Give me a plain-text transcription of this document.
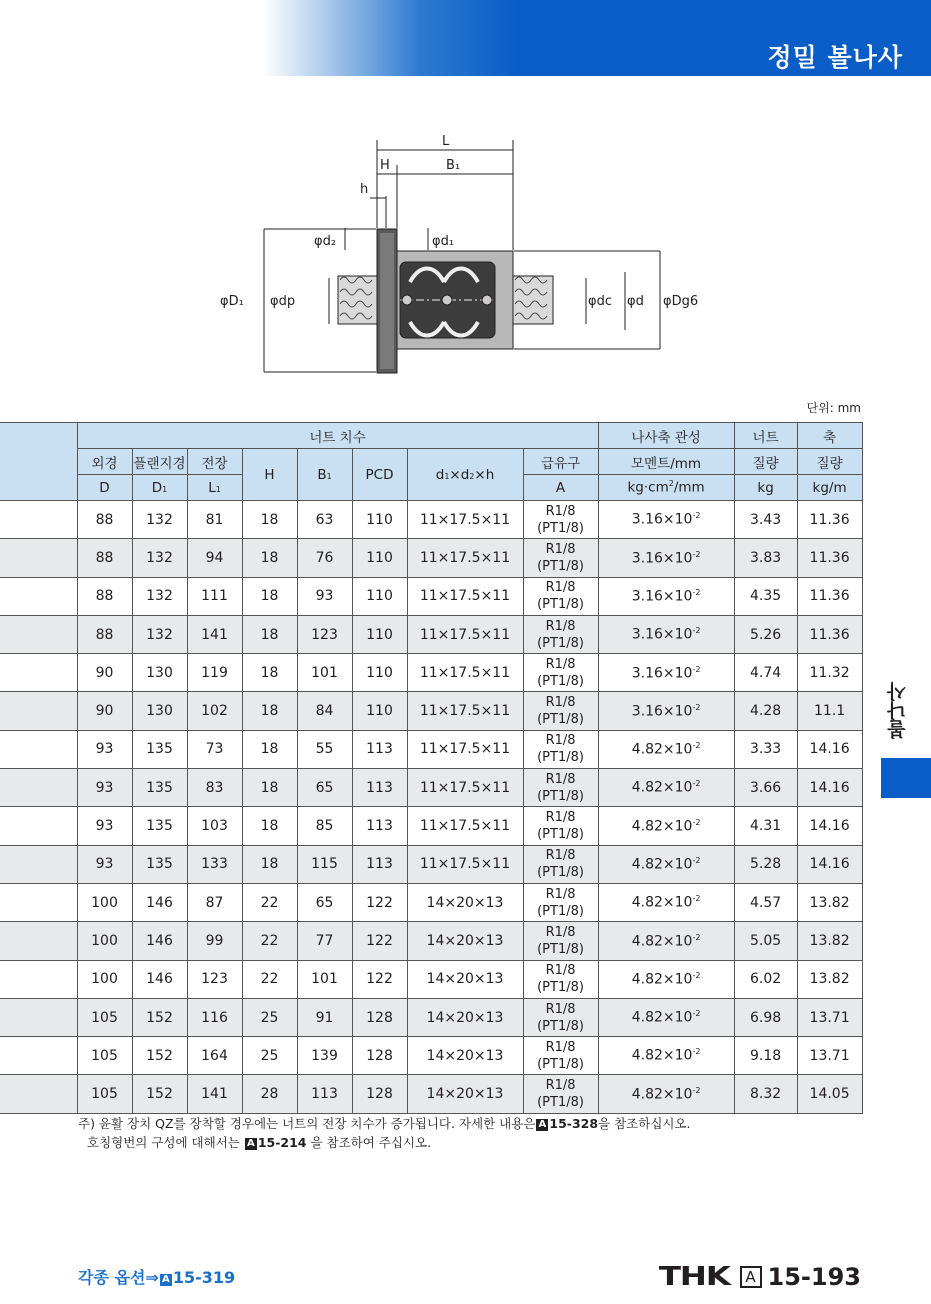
정밀 볼나사
L
H	B₁
h
φd₂	φd₁
φD₁ φdp	φdc φd φDg6
단위: mm
	너트 치수								나사축 관성	너트	축
	외경	플랜지경	전장	H	B1	PCD	d1×d2×h	급유구	모멘트/mm	질량	질량
	D	D1	L1					A	$kg\cdot cm^2/mm$	kg	kg/m
	88	132	81	18	63	110	11×17.5×11	R1/8
(PT1/8)	$3.16\times 10^{-2}$	3.43	11.36
	88	132	94	18	76	110	11×17.5×11	R1/8
(PT1/8)	$3.16\times 10^{-2}$	3.83	11.36
	88	132	111	18	93	110	11×17.5×11	R1/8
(PT1/8)	$3.16\times 10^{-2}$	4.35	11.36
	88	132	141	18	123	110	11×17.5×11	R1/8
(PT1/8)	$3.16\times 10^{-2}$	5.26	11.36
	90	130	119	18	101	110	11×17.5×11	R1/8
(PT1/8)	$3.16\times 10^{-2}$	4.74	11.32
	90	130	102	18	84	110	11×17.5×11	R1/8
(PT1/8)	$3.16\times 10^{-2}$	4.28	11.1
	93	135	73	18	55	113	11×17.5×11	R1/8
(PT1/8)	$4.82\times 10^{-2}$	3.33	14.16
	93	135	83	18	65	113	11×17.5×11	R1/8
(PT1/8)	$4.82\times 10^{-2}$	3.66	14.16
	93	135	103	18	85	113	11×17.5×11	R1/8
(PT1/8)	$4.82\times 10^{-2}$	4.31	14.16
	93	135	133	18	115	113	11×17.5×11	R1/8
(PT1/8)	$4.82\times 10^{-2}$	5.28	14.16
	100	146	87	22	65	122	14×20×13	R1/8
(PT1/8)	$4.82\times 10^{-2}$	4.57	13.82
	100	146	99	22	77	122	14×20×13	R1/8
(PT1/8)	$4.82\times 10^{-2}$	5.05	13.82
	100	146	123	22	101	122	14×20×13	R1/8
(PT1/8)	$4.82\times 10^{-2}$	6.02	13.82
	105	152	116	25	91	128	14×20×13	R1/8
(PT1/8)	$4.82\times 10^{-2}$	6.98	13.71
	105	152	164	25	139	128	14×20×13	R1/8
(PT1/8)	$4.82\times 10^{-2}$	9.18	13.71
	105	152	141	28	113	128	14×20×13	R1/8
(PT1/8)	$4.82\times 10^{-2}$	8.32	14.05
주) 윤활 장치 QZ를 장착할 경우에는 너트의 전장 치수가 증가됩니다. 자세한 내용은 A 15-328을 참조하십시오.
호칭형번의 구성에 대해서는 A 15-214 을 참조하여 주십시오.
볼나사
각종 옵션⇒ A 15-319	THK	A 15-193
